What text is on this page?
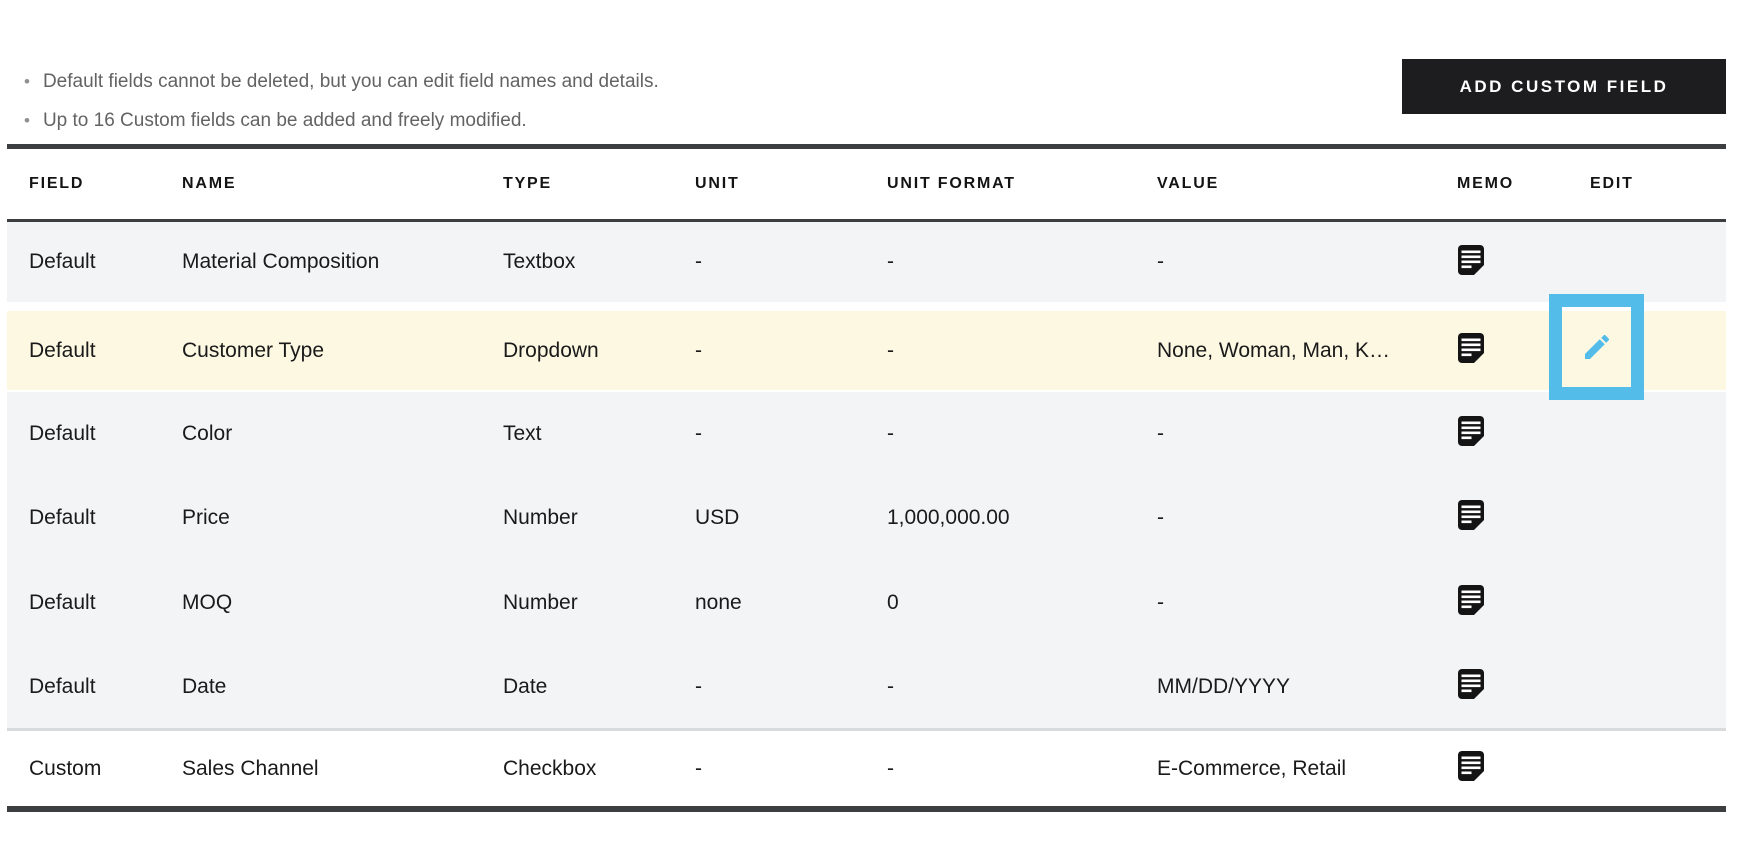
• Default fields cannot be deleted, but you can edit field names and details.
• Up to 16 Custom fields can be added and freely modified.
ADD CUSTOM FIELD
FIELD	NAME	TYPE	UNIT	UNIT FORMAT	VALUE	MEMO	EDIT
Default	Material Composition	Textbox	-	-	-
Default	Customer Type	Dropdown	-	-	None, Woman, Man, K…
Default	Color	Text	-	-	-
Default	Price	Number	USD	1,000,000.00	-
Default	MOQ	Number	none	0	-
Default	Date	Date	-	-	MM/DD/YYYY
Custom	Sales Channel	Checkbox	-	-	E-Commerce, Retail
